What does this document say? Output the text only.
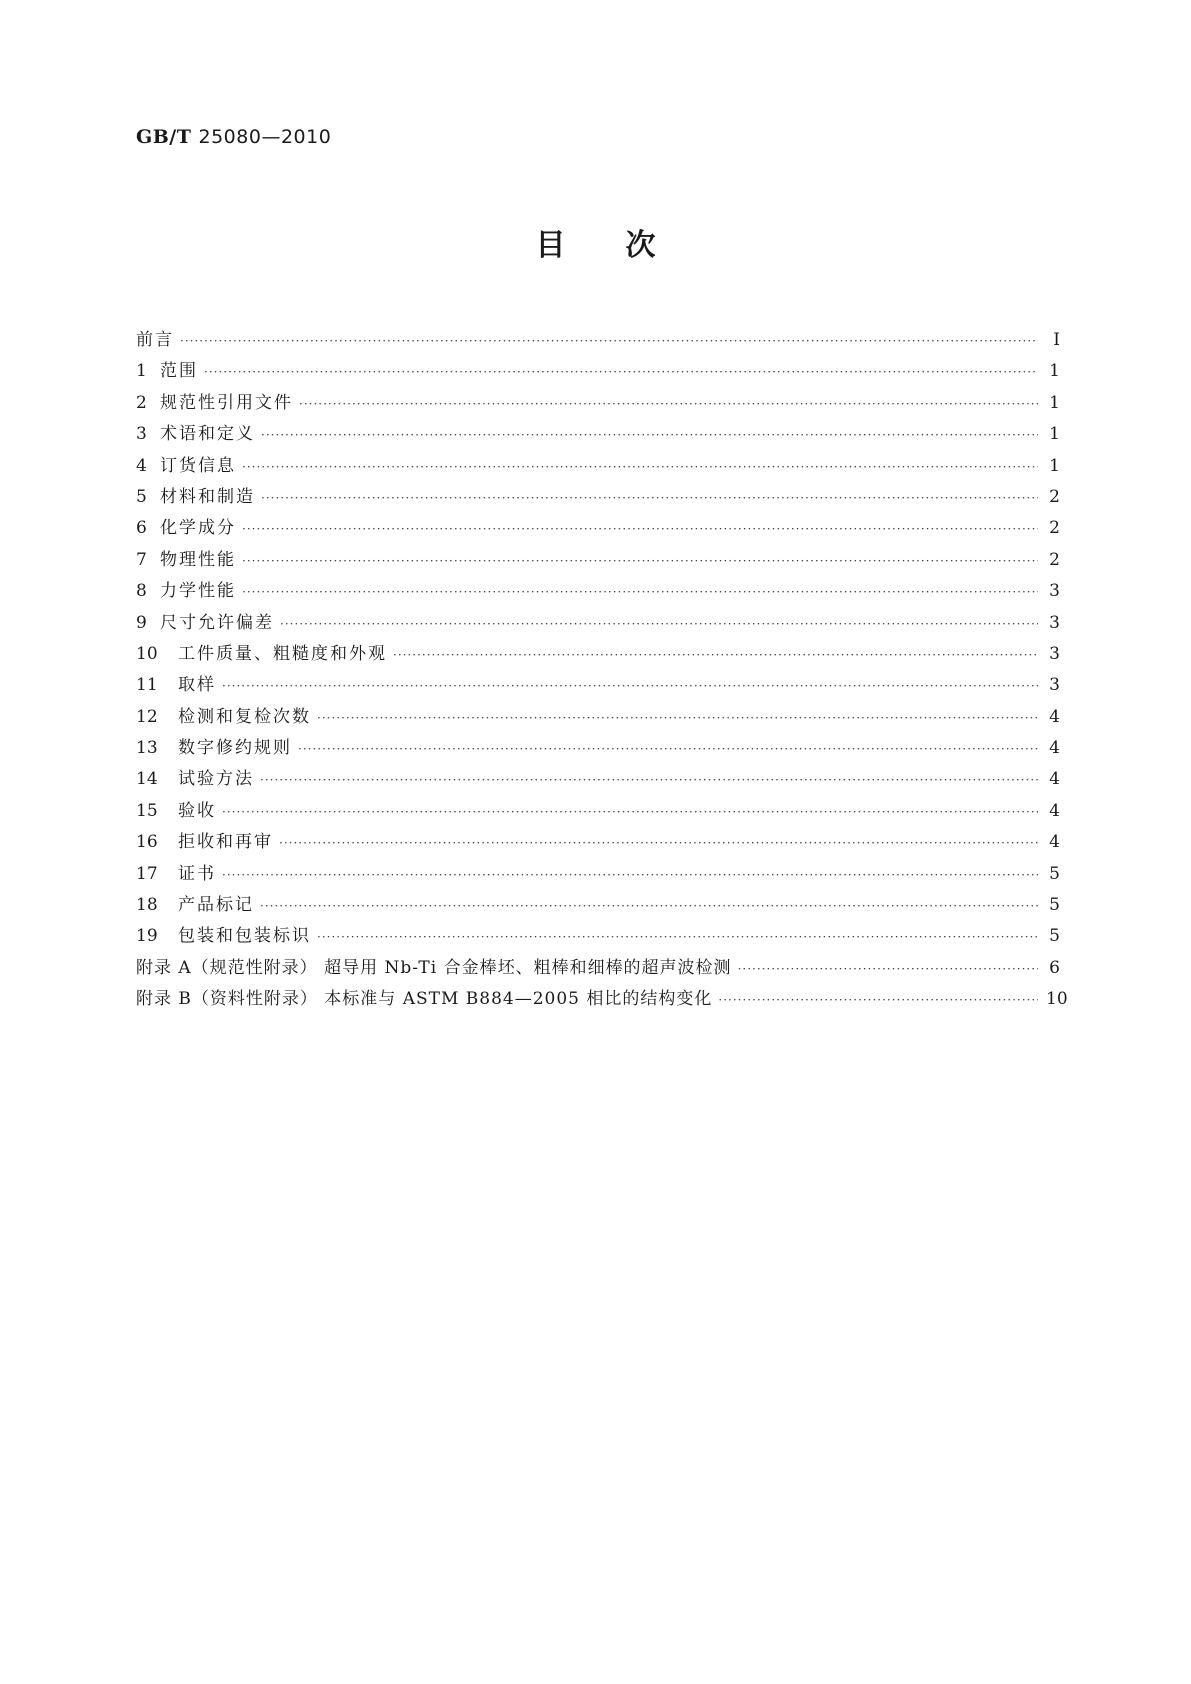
GB/T 25080—2010
目次
前言 ·····	Ⅰ
1 范围 ·····	1
2 规范性引用文件 ·····	1
3 术语和定义 ·····	1
4 订货信息 ·····	1
5 材料和制造 ·····	2
6 化学成分 ·····	2
7 物理性能 ·····	2
8 力学性能 ·····	3
9 尺寸允许偏差 ·····	3
10	工件质量、粗糙度和外观 ·····	3
11	取样 ·····	3
12	检测和复检次数 ·····	4
13	数字修约规则 ·····	4
14	试验方法 ·····	4
15	验收 ·····	4
16	拒收和再审 ·····	4
17	证书 ·····	5
18	产品标记 ·····	5
19	包装和包装标识 ·····	5
附录 A（规范性附录） 超导用 Nb-Ti 合金棒坯、粗棒和细棒的超声波检测 ·····	6
附录 B（资料性附录） 本标准与 ASTM B884—2005 相比的结构变化 ·····	10
